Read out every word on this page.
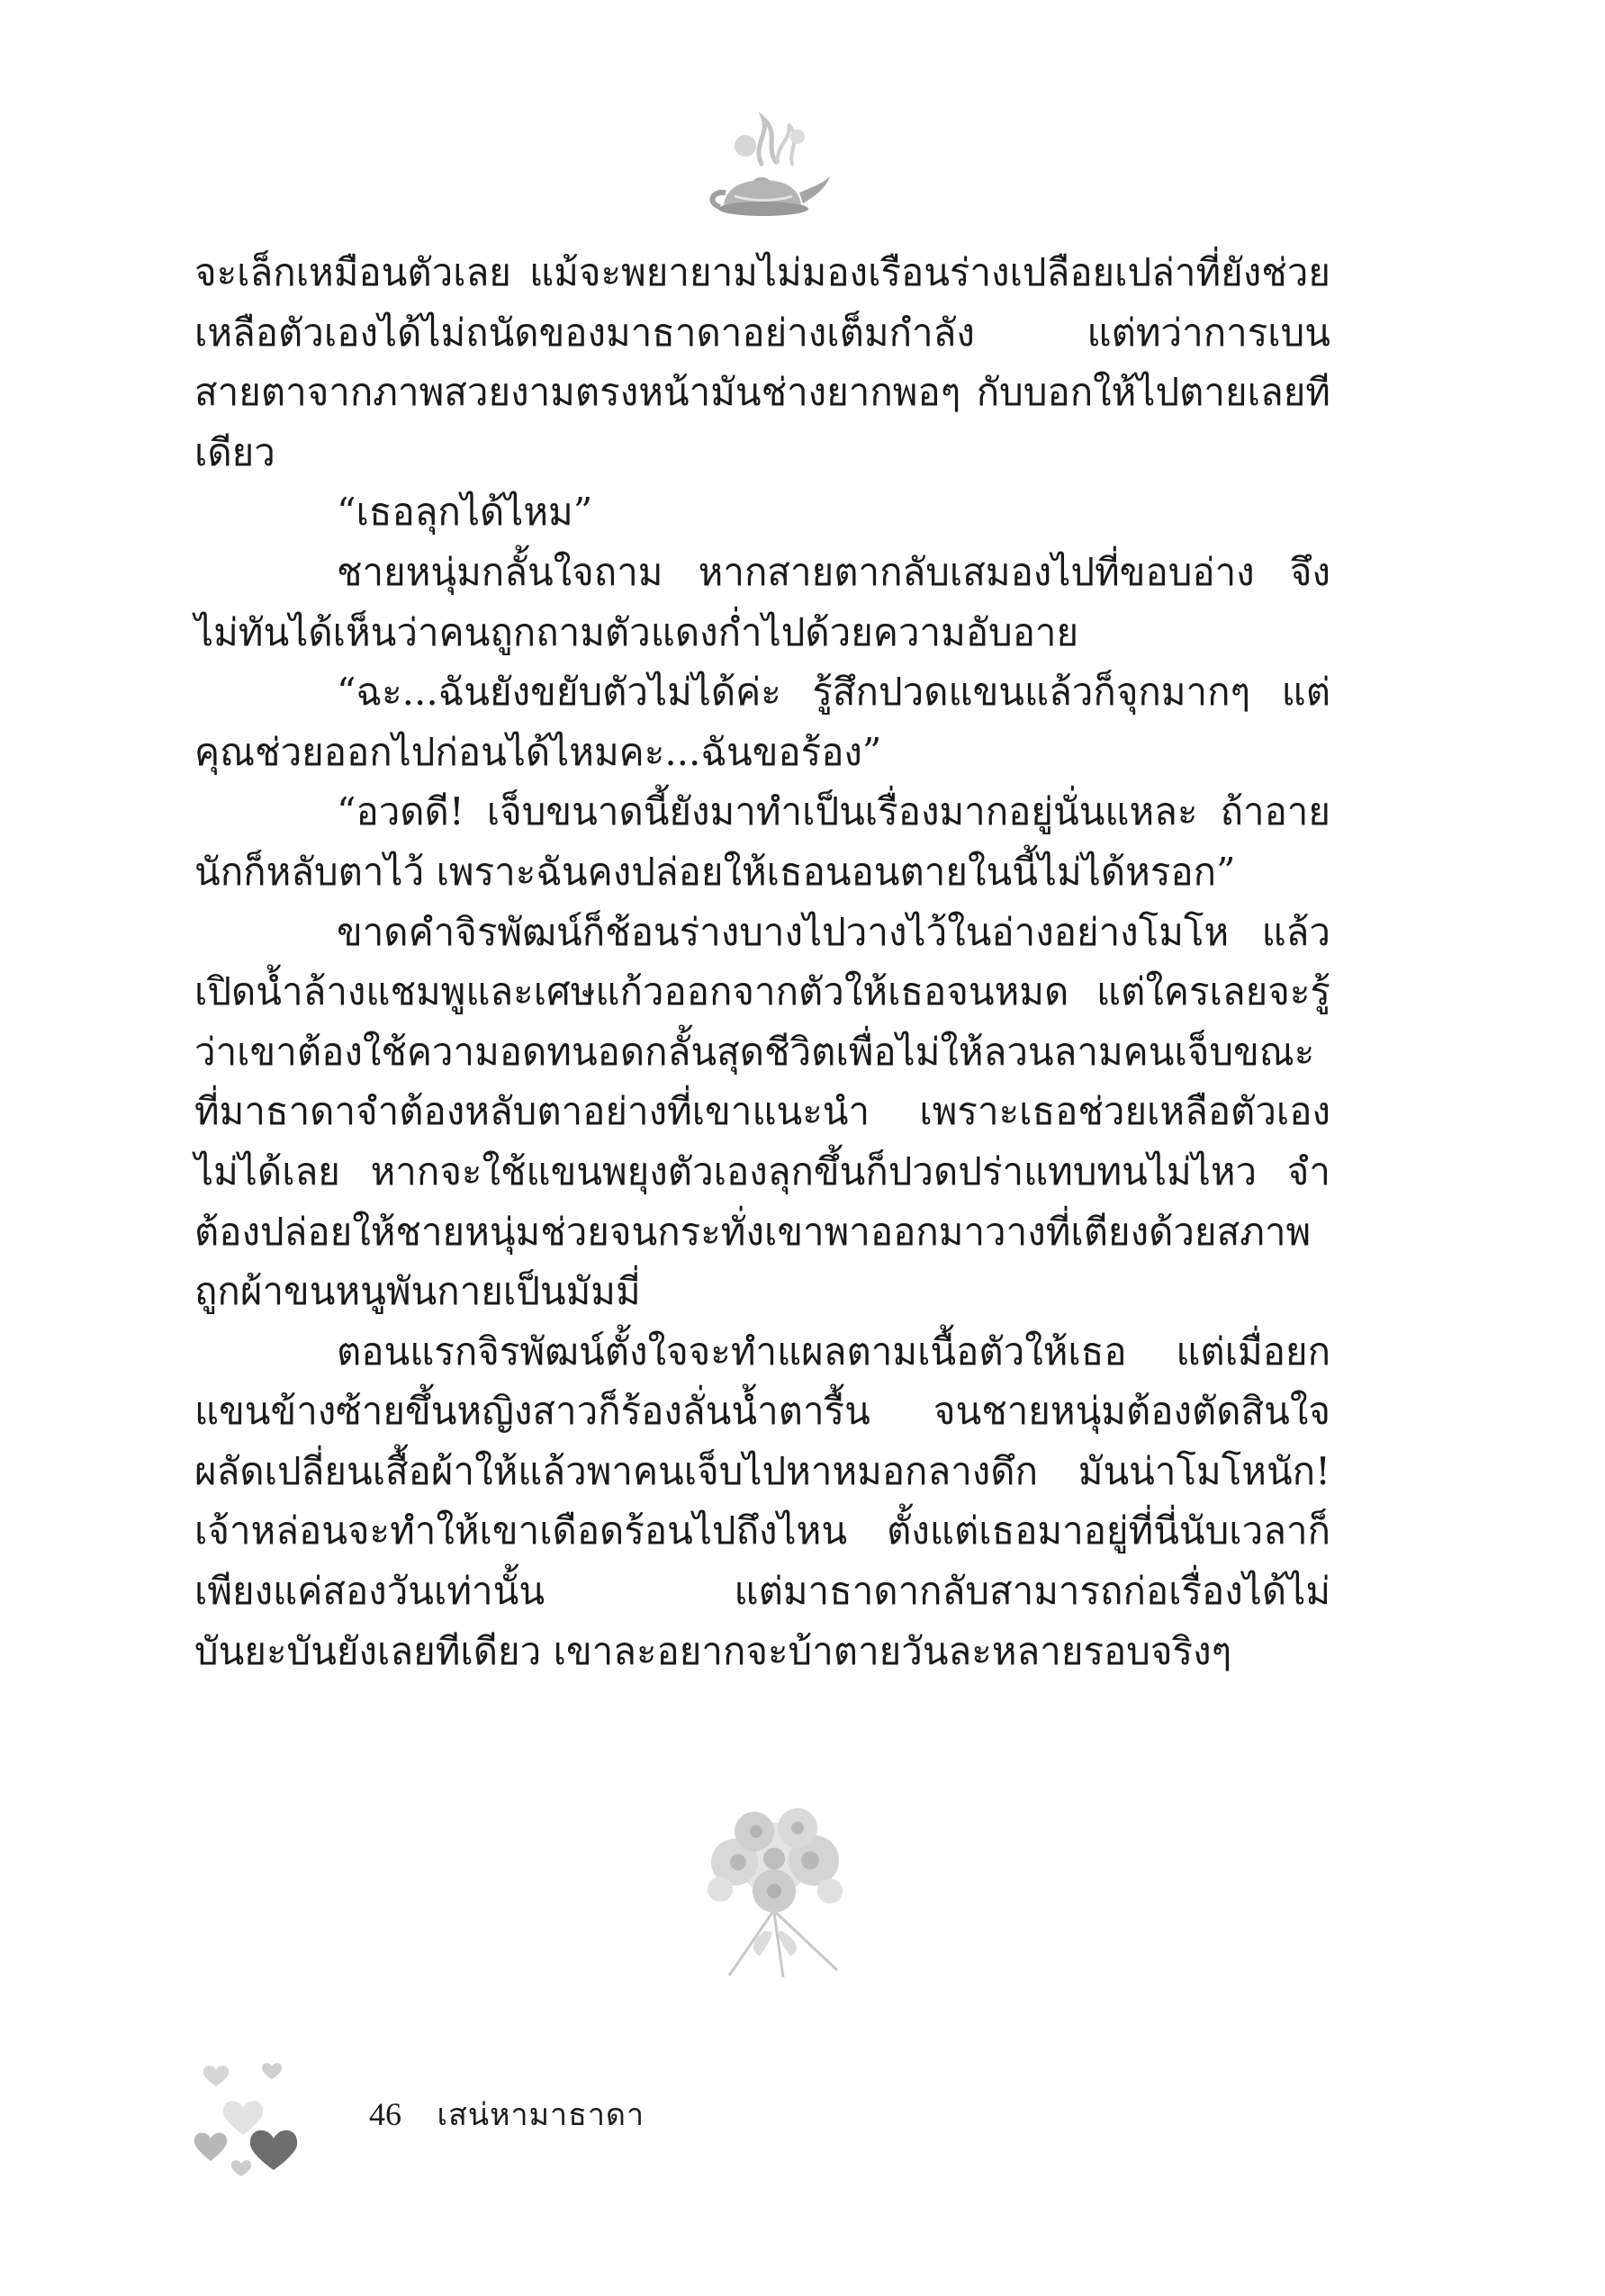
จะเล็กเหมือนตัวเลย แม้จะพยายามไม่มองเรือนร่างเปลือยเปล่าที่ยังช่วยเหลือตัวเองได้ไม่ถนัดของมาธาดาอย่างเต็มกำลัง แต่ทว่าการเบนสายตาจากภาพสวยงามตรงหน้ามันช่างยากพอๆ กับบอกให้ไปตายเลยทีเดียว

“เธอลุกได้ไหม”

ชายหนุ่มกลั้นใจถาม หากสายตากลับเสมองไปที่ขอบอ่าง จึงไม่ทันได้เห็นว่าคนถูกถามตัวแดงก่ำไปด้วยความอับอาย

“ฉะ...ฉันยังขยับตัวไม่ได้ค่ะ รู้สึกปวดแขนแล้วก็จุกมากๆ แต่คุณช่วยออกไปก่อนได้ไหมคะ...ฉันขอร้อง”

“อวดดี! เจ็บขนาดนี้ยังมาทำเป็นเรื่องมากอยู่นั่นแหละ ถ้าอายนักก็หลับตาไว้ เพราะฉันคงปล่อยให้เธอนอนตายในนี้ไม่ได้หรอก”

ขาดคำจิรพัฒน์ก็ช้อนร่างบางไปวางไว้ในอ่างอย่างโมโห แล้วเปิดน้ำล้างแชมพูและเศษแก้วออกจากตัวให้เธอจนหมด แต่ใครเลยจะรู้ว่าเขาต้องใช้ความอดทนอดกลั้นสุดชีวิตเพื่อไม่ให้ลวนลามคนเจ็บขณะที่มาธาดาจำต้องหลับตาอย่างที่เขาแนะนำ เพราะเธอช่วยเหลือตัวเองไม่ได้เลย หากจะใช้แขนพยุงตัวเองลุกขึ้นก็ปวดปร่าแทบทนไม่ไหว จำต้องปล่อยให้ชายหนุ่มช่วยจนกระทั่งเขาพาออกมาวางที่เตียงด้วยสภาพถูกผ้าขนหนูพันกายเป็นมัมมี่

ตอนแรกจิรพัฒน์ตั้งใจจะทำแผลตามเนื้อตัวให้เธอ แต่เมื่อยกแขนข้างซ้ายขึ้นหญิงสาวก็ร้องลั่นน้ำตารื้น จนชายหนุ่มต้องตัดสินใจผลัดเปลี่ยนเสื้อผ้าให้แล้วพาคนเจ็บไปหาหมอกลางดึก มันน่าโมโหนัก! เจ้าหล่อนจะทำให้เขาเดือดร้อนไปถึงไหน ตั้งแต่เธอมาอยู่ที่นี่นับเวลาก็เพียงแค่สองวันเท่านั้น แต่มาธาดากลับสามารถก่อเรื่องได้ไม่บันยะบันยังเลยทีเดียว เขาละอยากจะบ้าตายวันละหลายรอบจริงๆ

46 เสน่หามาธาดา
